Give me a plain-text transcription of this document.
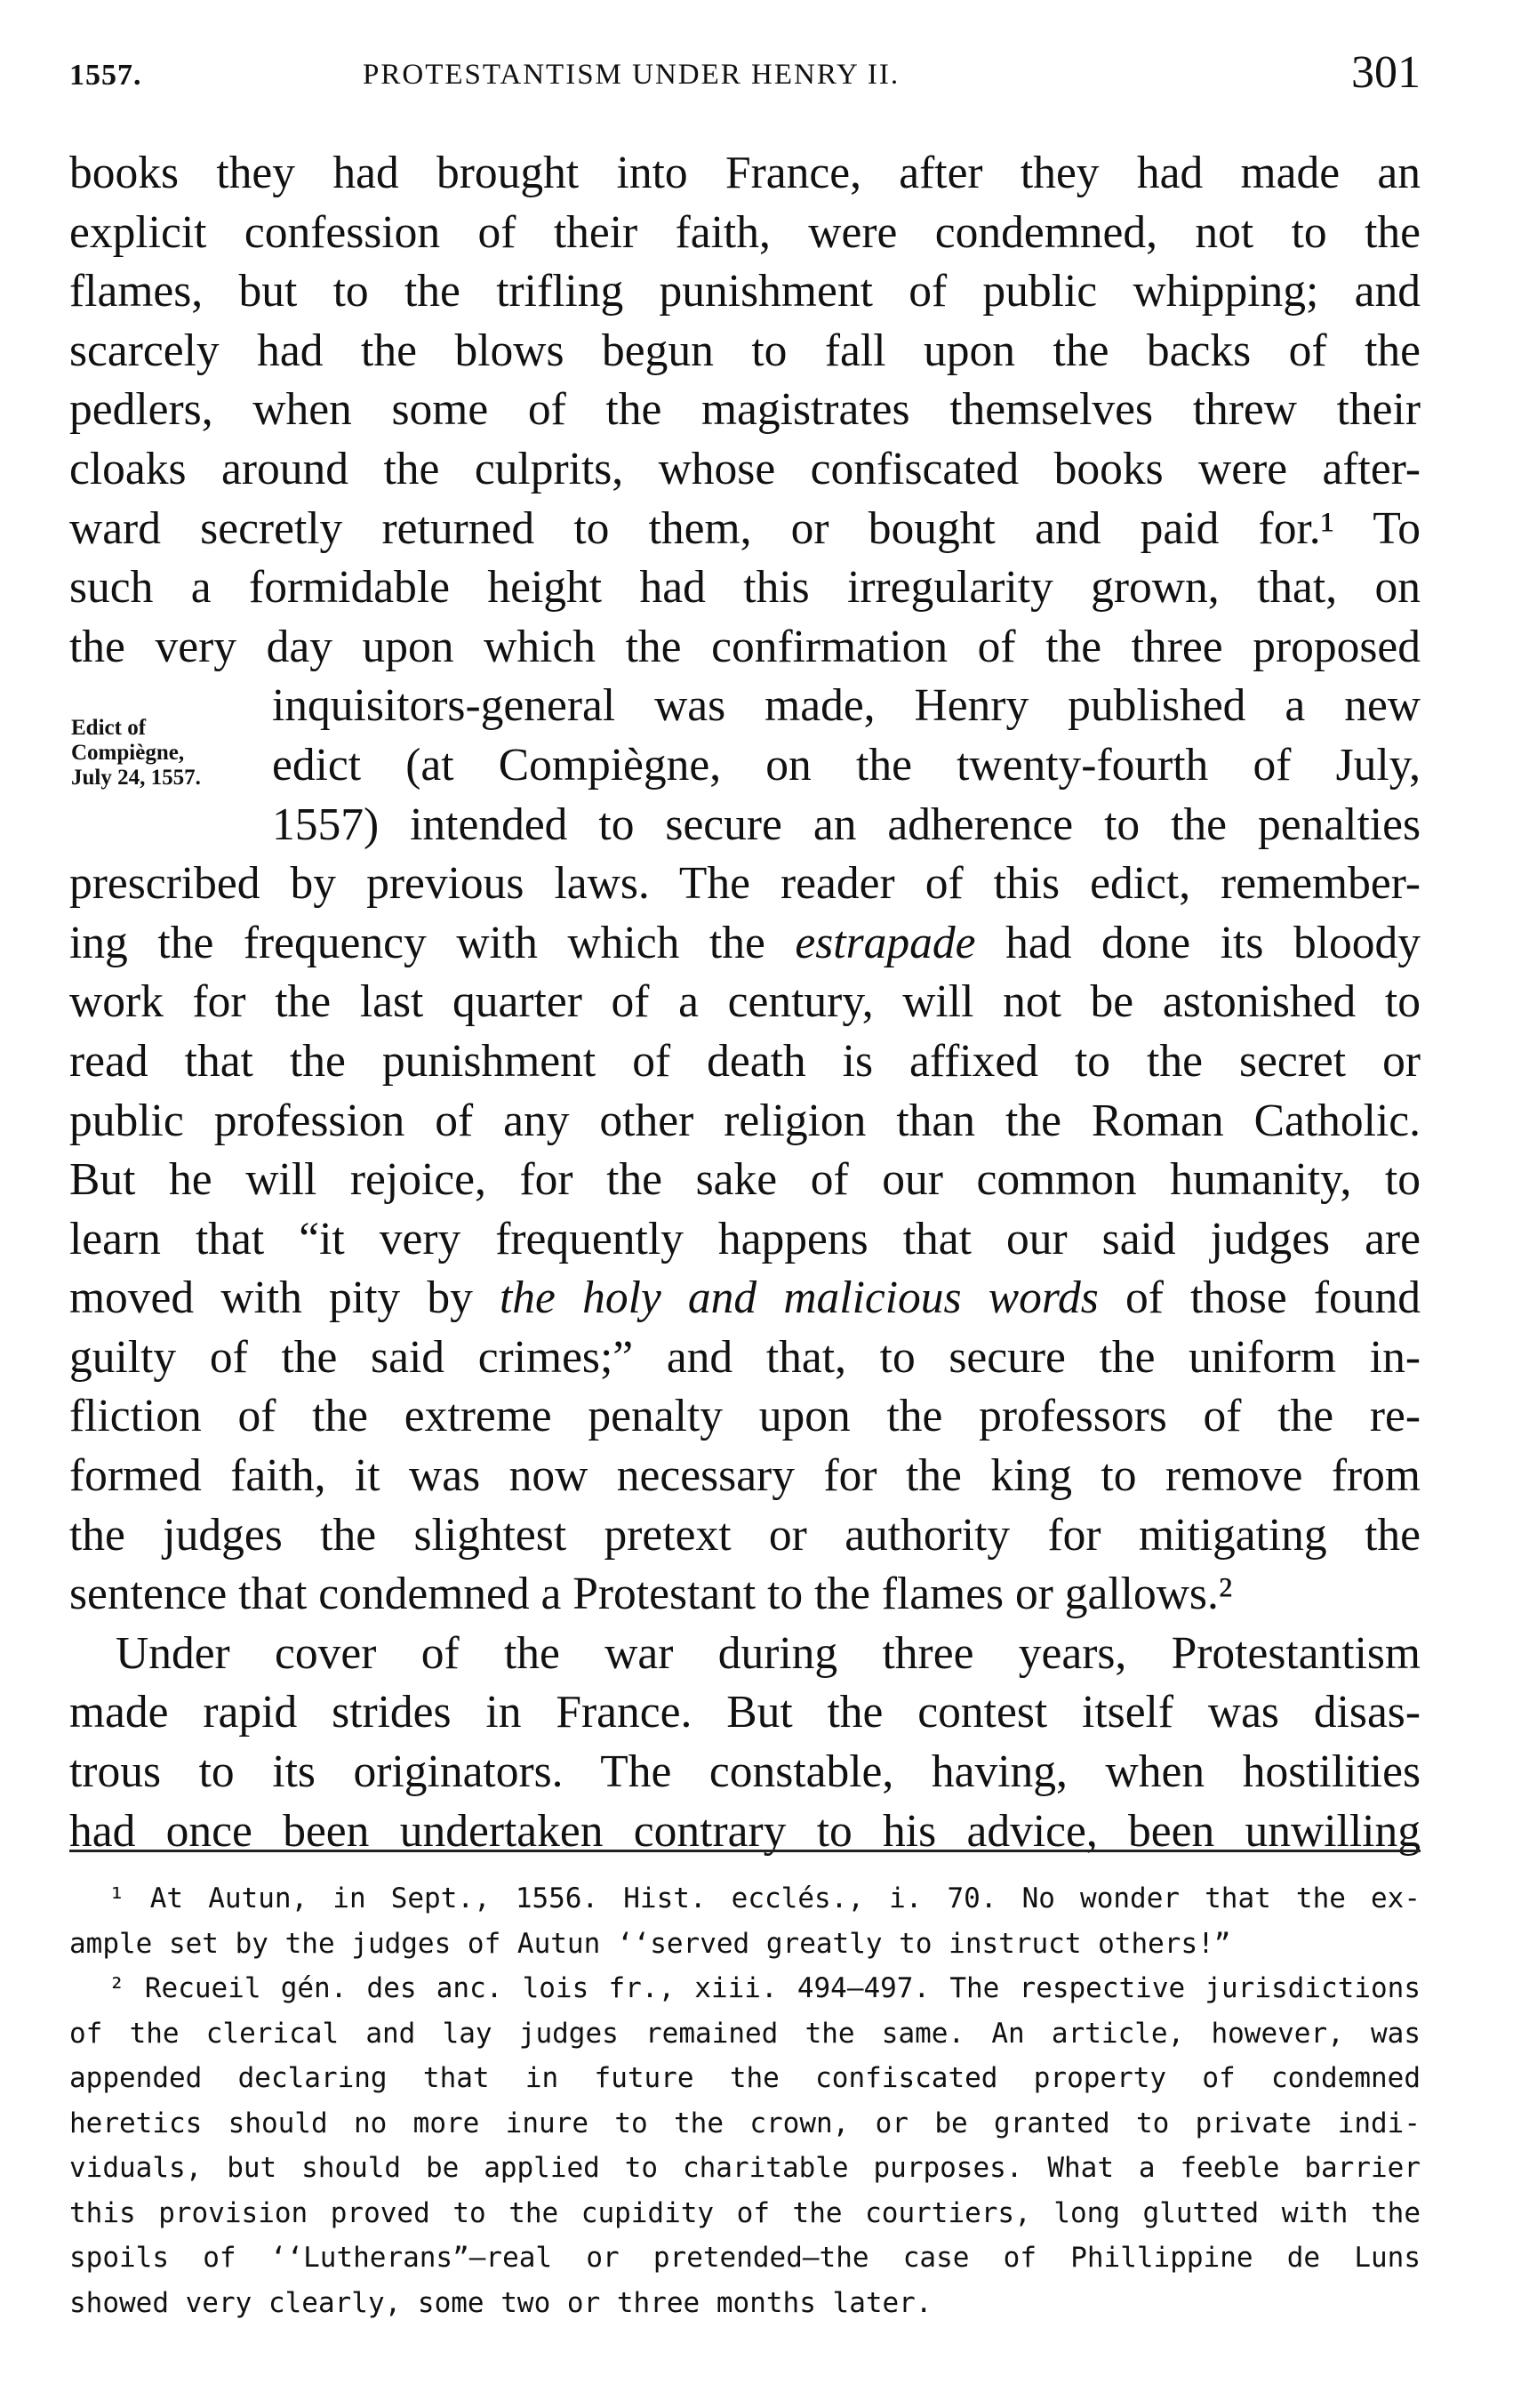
1557.	PROTESTANTISM UNDER HENRY II.	301
Edict of
Compiègne,
July 24, 1557.
books they had brought into France, after they had made an
explicit confession of their faith, were condemned, not to the
flames, but to the trifling punishment of public whipping; and
scarcely had the blows begun to fall upon the backs of the
pedlers, when some of the magistrates themselves threw their
cloaks around the culprits, whose confiscated books were after-
ward secretly returned to them, or bought and paid for.¹ To
such a formidable height had this irregularity grown, that, on
the very day upon which the confirmation of the three proposed
inquisitors-general was made, Henry published a new
edict (at Compiègne, on the twenty-fourth of July,
1557) intended to secure an adherence to the penalties
prescribed by previous laws. The reader of this edict, remember-
ing the frequency with which the estrapade had done its bloody
work for the last quarter of a century, will not be astonished to
read that the punishment of death is affixed to the secret or
public profession of any other religion than the Roman Catholic.
But he will rejoice, for the sake of our common humanity, to
learn that “it very frequently happens that our said judges are
moved with pity by the holy and malicious words of those found
guilty of the said crimes;” and that, to secure the uniform in-
fliction of the extreme penalty upon the professors of the re-
formed faith, it was now necessary for the king to remove from
the judges the slightest pretext or authority for mitigating the
sentence that condemned a Protestant to the flames or gallows.²
Under cover of the war during three years, Protestantism
made rapid strides in France. But the contest itself was disas-
trous to its originators. The constable, having, when hostilities
had once been undertaken contrary to his advice, been unwilling
¹ At Autun, in Sept., 1556. Hist. ecclés., i. 70. No wonder that the ex-
ample set by the judges of Autun ‘‘served greatly to instruct others!”
² Recueil gén. des anc. lois fr., xiii. 494–497. The respective jurisdictions
of the clerical and lay judges remained the same. An article, however, was
appended declaring that in future the confiscated property of condemned
heretics should no more inure to the crown, or be granted to private indi-
viduals, but should be applied to charitable purposes. What a feeble barrier
this provision proved to the cupidity of the courtiers, long glutted with the
spoils of ‘‘Lutherans”—real or pretended—the case of Phillippine de Luns
showed very clearly, some two or three months later.
